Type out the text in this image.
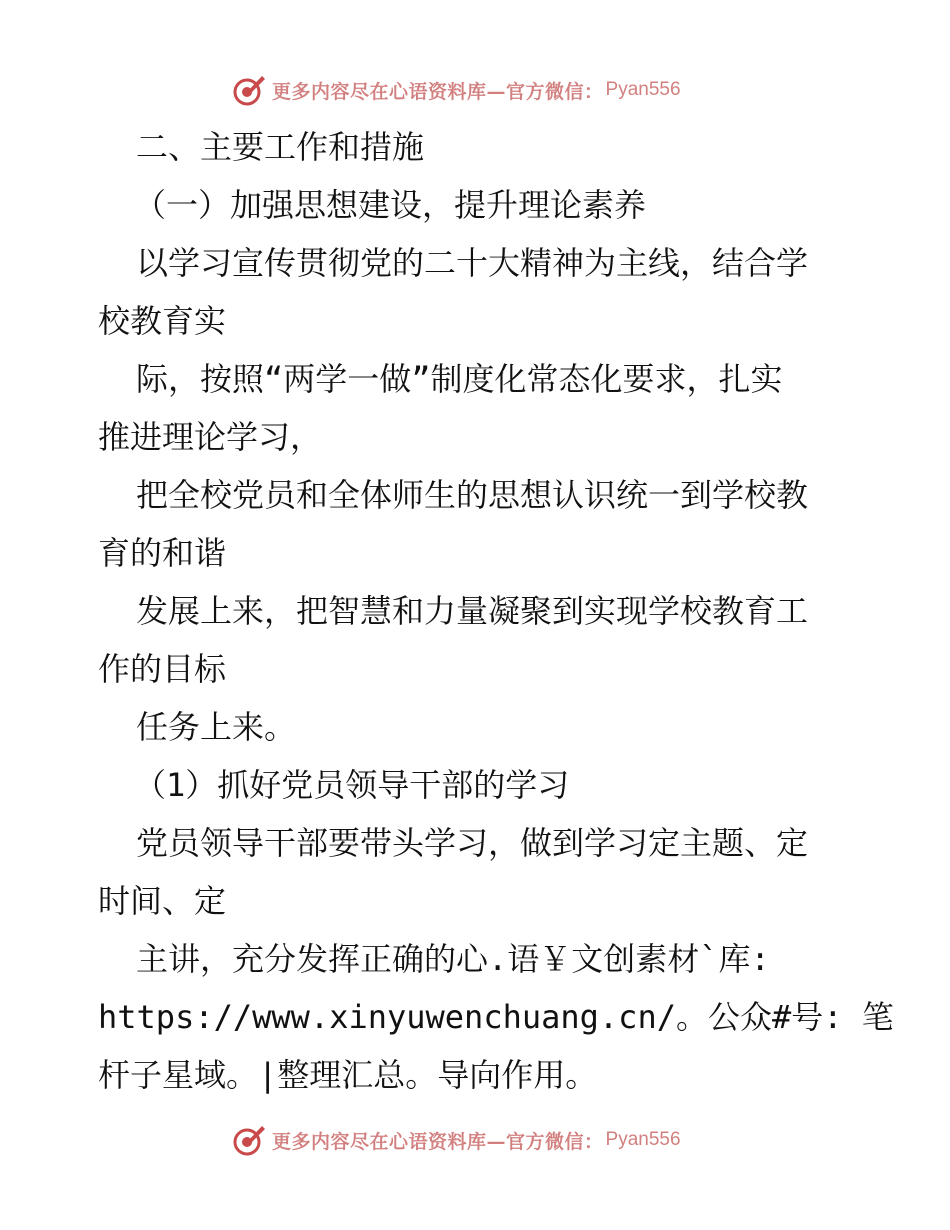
更多内容尽在心语资料库—官方微信： Pyan556
二、主要工作和措施
（一）加强思想建设，提升理论素养
以学习宣传贯彻党的二十大精神为主线，结合学
校教育实
际，按照“两学一做”制度化常态化要求，扎实
推进理论学习，
把全校党员和全体师生的思想认识统一到学校教
育的和谐
发展上来，把智慧和力量凝聚到实现学校教育工
作的目标
任务上来。
（1）抓好党员领导干部的学习
党员领导干部要带头学习，做到学习定主题、定
时间、定
主讲，充分发挥正确的心.语￥文创素材`库:
https://www.xinyuwenchuang.cn/。公众#号: 笔
杆子星域。|整理汇总。导向作用。
更多内容尽在心语资料库—官方微信： Pyan556
